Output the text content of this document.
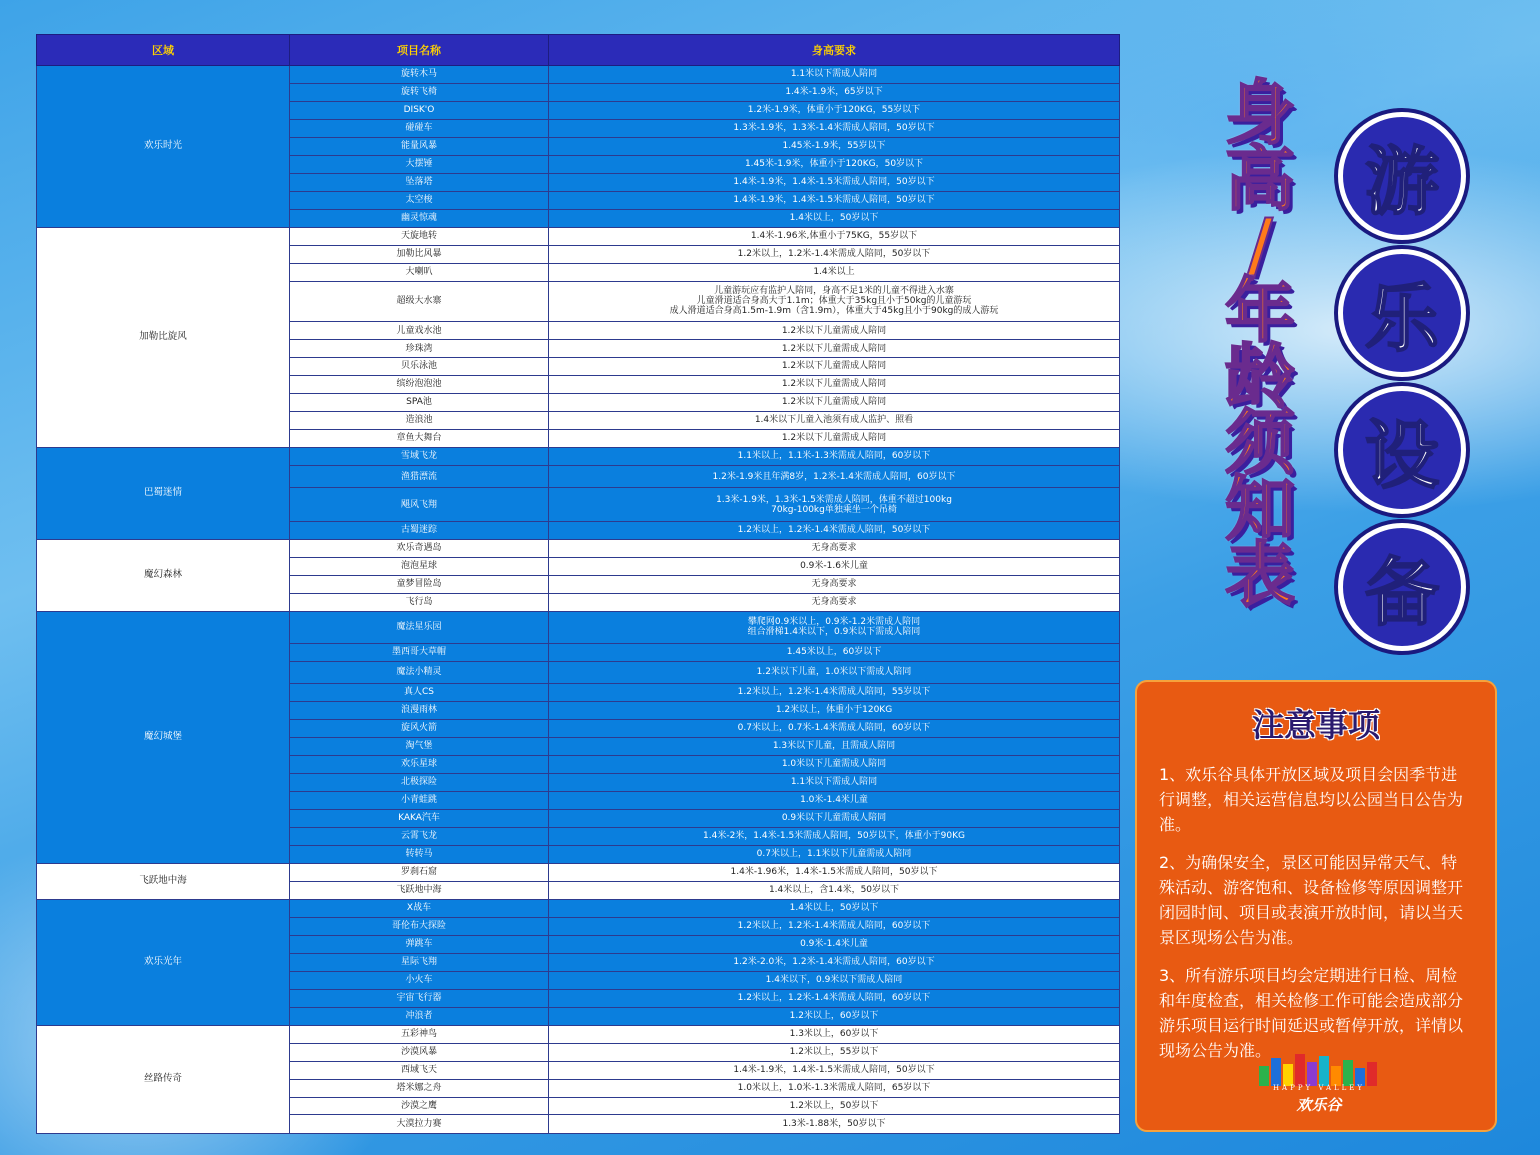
区域	项目名称	身高要求
欢乐时光	旋转木马	1.1米以下需成人陪同
	旋转飞椅	1.4米-1.9米，65岁以下
	DISK'O	1.2米-1.9米，体重小于120KG，55岁以下
	碰碰车	1.3米-1.9米，1.3米-1.4米需成人陪同，50岁以下
	能量风暴	1.45米-1.9米，55岁以下
	大摆锤	1.45米-1.9米，体重小于120KG，50岁以下
	坠落塔	1.4米-1.9米，1.4米-1.5米需成人陪同，50岁以下
	太空梭	1.4米-1.9米，1.4米-1.5米需成人陪同，50岁以下
	幽灵惊魂	1.4米以上，50岁以下
加勒比旋风	天旋地转	1.4米-1.96米,体重小于75KG，55岁以下
	加勒比风暴	1.2米以上，1.2米-1.4米需成人陪同，50岁以下
	大喇叭	1.4米以上
	超级大水寨	儿童游玩应有监护人陪同，身高不足1米的儿童不得进入水寨
儿童滑道适合身高大于1.1m；体重大于35kg且小于50kg的儿童游玩
成人滑道适合身高1.5m-1.9m（含1.9m），体重大于45kg且小于90kg的成人游玩
	儿童戏水池	1.2米以下儿童需成人陪同
	珍珠湾	1.2米以下儿童需成人陪同
	贝乐泳池	1.2米以下儿童需成人陪同
	缤纷泡泡池	1.2米以下儿童需成人陪同
	SPA池	1.2米以下儿童需成人陪同
	造浪池	1.4米以下儿童入池须有成人监护、照看
	章鱼大舞台	1.2米以下儿童需成人陪同
巴蜀迷情	雪域飞龙	1.1米以上，1.1米-1.3米需成人陪同，60岁以下
	渔猎漂流	1.2米-1.9米且年满8岁，1.2米-1.4米需成人陪同，60岁以下
	飓风飞翔	1.3米-1.9米，1.3米-1.5米需成人陪同，体重不超过100kg
70kg-100kg单独乘坐一个吊椅
	古蜀迷踪	1.2米以上，1.2米-1.4米需成人陪同，50岁以下
魔幻森林	欢乐奇遇岛	无身高要求
	泡泡星球	0.9米-1.6米儿童
	童梦冒险岛	无身高要求
	飞行岛	无身高要求
魔幻城堡	魔法星乐园	攀爬网0.9米以上，0.9米-1.2米需成人陪同
组合滑梯1.4米以下，0.9米以下需成人陪同
	墨西哥大草帽	1.45米以上，60岁以下
	魔法小精灵	1.2米以下儿童，1.0米以下需成人陪同
	真人CS	1.2米以上，1.2米-1.4米需成人陪同，55岁以下
	浪漫雨林	1.2米以上，体重小于120KG
	旋风火箭	0.7米以上，0.7米-1.4米需成人陪同，60岁以下
	淘气堡	1.3米以下儿童，且需成人陪同
	欢乐星球	1.0米以下儿童需成人陪同
	北极探险	1.1米以下需成人陪同
	小青蛙跳	1.0米-1.4米儿童
	KAKA汽车	0.9米以下儿童需成人陪同
	云霄飞龙	1.4米-2米，1.4米-1.5米需成人陪同，50岁以下，体重小于90KG
	转转马	0.7米以上，1.1米以下儿童需成人陪同
飞跃地中海	罗刹石窟	1.4米-1.96米，1.4米-1.5米需成人陪同，50岁以下
	飞跃地中海	1.4米以上，含1.4米，50岁以下
欢乐光年	X战车	1.4米以上，50岁以下
	哥伦布大探险	1.2米以上，1.2米-1.4米需成人陪同，60岁以下
	弹跳车	0.9米-1.4米儿童
	星际飞翔	1.2米-2.0米，1.2米-1.4米需成人陪同，60岁以下
	小火车	1.4米以下，0.9米以下需成人陪同
	宇宙飞行器	1.2米以上，1.2米-1.4米需成人陪同，60岁以下
	冲浪者	1.2米以上，60岁以下
丝路传奇	五彩神鸟	1.3米以上，60岁以下
	沙漠风暴	1.2米以上，55岁以下
	西域飞天	1.4米-1.9米，1.4米-1.5米需成人陪同，50岁以下
	塔米娜之舟	1.0米以上，1.0米-1.3米需成人陪同，65岁以下
	沙漠之鹰	1.2米以上，50岁以下
	大漠拉力赛	1.3米-1.88米，50岁以下
身
高
/
年
龄
须
知
表
游
乐
设
备
注意事项

1、欢乐谷具体开放区域及项目会因季节进行调整，相关运营信息均以公园当日公告为准。

2、为确保安全，景区可能因异常天气、特殊活动、游客饱和、设备检修等原因调整开闭园时间、项目或表演开放时间，请以当天景区现场公告为准。

3、所有游乐项目均会定期进行日检、周检和年度检查，相关检修工作可能会造成部分游乐项目运行时间延迟或暂停开放，详情以现场公告为准。

HAPPY VALLEY
欢乐谷
